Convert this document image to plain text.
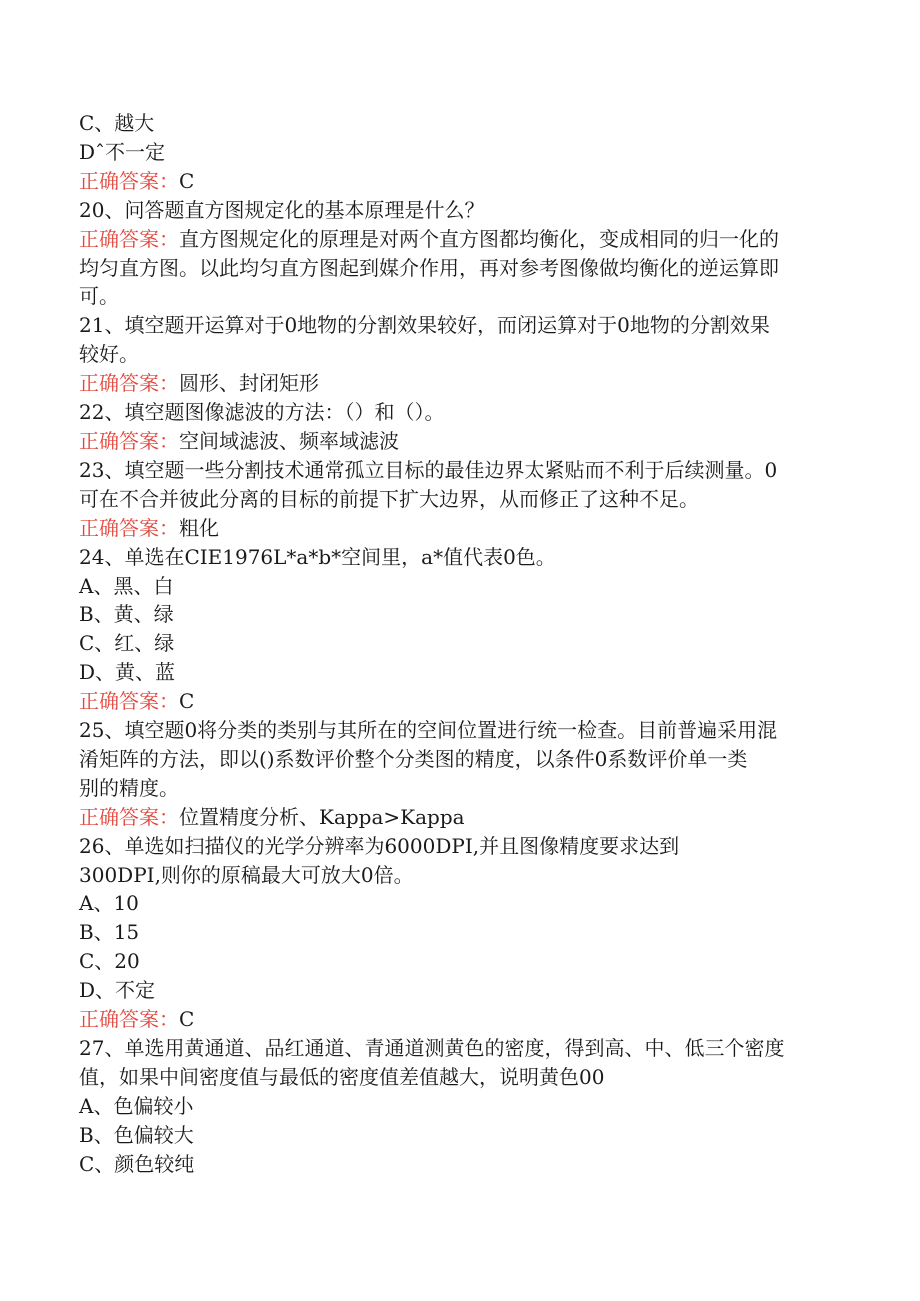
C、越大
Dˆ不一定
正确答案：C
20、问答题直方图规定化的基本原理是什么？
正确答案：直方图规定化的原理是对两个直方图都均衡化，变成相同的归一化的
均匀直方图。以此均匀直方图起到媒介作用，再对参考图像做均衡化的逆运算即
可。
21、填空题开运算对于0地物的分割效果较好，而闭运算对于0地物的分割效果
较好。
正确答案：圆形、封闭矩形
22、填空题图像滤波的方法：（）和（）。
正确答案：空间域滤波、频率域滤波
23、填空题一些分割技术通常孤立目标的最佳边界太紧贴而不利于后续测量。0
可在不合并彼此分离的目标的前提下扩大边界，从而修正了这种不足。
正确答案：粗化
24、单选在CIE1976L*a*b*空间里，a*值代表0色。
A、黑、白
B、黄、绿
C、红、绿
D、黄、蓝
正确答案：C
25、填空题0将分类的类别与其所在的空间位置进行统一检查。目前普遍采用混
淆矩阵的方法，即以()系数评价整个分类图的精度，以条件0系数评价单一类
别的精度。
正确答案：位置精度分析、Kappa>Kappa
26、单选如扫描仪的光学分辨率为6000DPI,并且图像精度要求达到
300DPI,则你的原稿最大可放大0倍。
A、10
B、15
C、20
D、不定
正确答案：C
27、单选用黄通道、品红通道、青通道测黄色的密度，得到高、中、低三个密度
值，如果中间密度值与最低的密度值差值越大，说明黄色00
A、色偏较小
B、色偏较大
C、颜色较纯
